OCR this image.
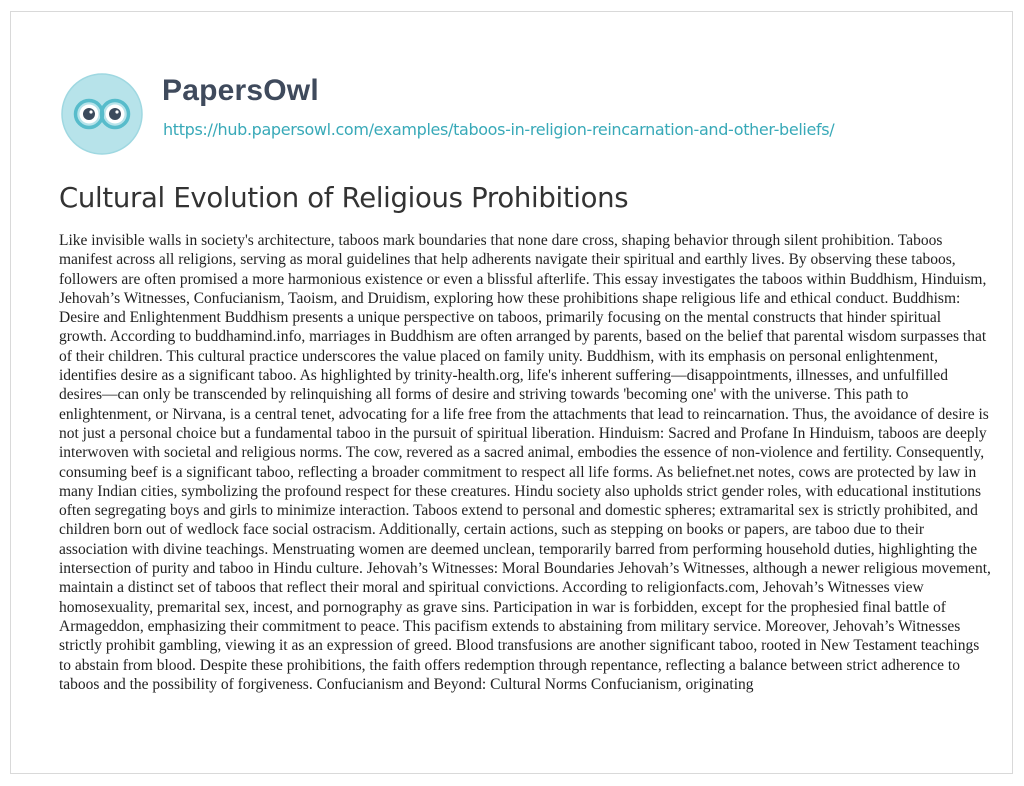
PapersOwl
https://hub.papersowl.com/examples/taboos-in-religion-reincarnation-and-other-beliefs/
Cultural Evolution of Religious Prohibitions

Like invisible walls in society's architecture, taboos mark boundaries that none dare cross, shaping behavior through silent prohibition. Taboos manifest across all religions, serving as moral guidelines that help adherents navigate their spiritual and earthly lives. By observing these taboos, followers are often promised a more harmonious existence or even a blissful afterlife. This essay investigates the taboos within Buddhism, Hinduism, Jehovah’s Witnesses, Confucianism, Taoism, and Druidism, exploring how these prohibitions shape religious life and ethical conduct. Buddhism: Desire and Enlightenment Buddhism presents a unique perspective on taboos, primarily focusing on the mental constructs that hinder spiritual growth. According to buddhamind.info, marriages in Buddhism are often arranged by parents, based on the belief that parental wisdom surpasses that of their children. This cultural practice underscores the value placed on family unity. Buddhism, with its emphasis on personal enlightenment, identifies desire as a significant taboo. As highlighted by trinity-health.org, life's inherent suffering—disappointments, illnesses, and unfulfilled desires—can only be transcended by relinquishing all forms of desire and striving towards 'becoming one' with the universe. This path to enlightenment, or Nirvana, is a central tenet, advocating for a life free from the attachments that lead to reincarnation. Thus, the avoidance of desire is not just a personal choice but a fundamental taboo in the pursuit of spiritual liberation. Hinduism: Sacred and Profane In Hinduism, taboos are deeply interwoven with societal and religious norms. The cow, revered as a sacred animal, embodies the essence of non-violence and fertility. Consequently, consuming beef is a significant taboo, reflecting a broader commitment to respect all life forms. As beliefnet.net notes, cows are protected by law in many Indian cities, symbolizing the profound respect for these creatures. Hindu society also upholds strict gender roles, with educational institutions often segregating boys and girls to minimize interaction. Taboos extend to personal and domestic spheres; extramarital sex is strictly prohibited, and children born out of wedlock face social ostracism. Additionally, certain actions, such as stepping on books or papers, are taboo due to their association with divine teachings. Menstruating women are deemed unclean, temporarily barred from performing household duties, highlighting the intersection of purity and taboo in Hindu culture. Jehovah’s Witnesses: Moral Boundaries Jehovah’s Witnesses, although a newer religious movement, maintain a distinct set of taboos that reflect their moral and spiritual convictions. According to religionfacts.com, Jehovah’s Witnesses view homosexuality, premarital sex, incest, and pornography as grave sins. Participation in war is forbidden, except for the prophesied final battle of Armageddon, emphasizing their commitment to peace. This pacifism extends to abstaining from military service. Moreover, Jehovah’s Witnesses strictly prohibit gambling, viewing it as an expression of greed. Blood transfusions are another significant taboo, rooted in New Testament teachings to abstain from blood. Despite these prohibitions, the faith offers redemption through repentance, reflecting a balance between strict adherence to taboos and the possibility of forgiveness. Confucianism and Beyond: Cultural Norms Confucianism, originating
